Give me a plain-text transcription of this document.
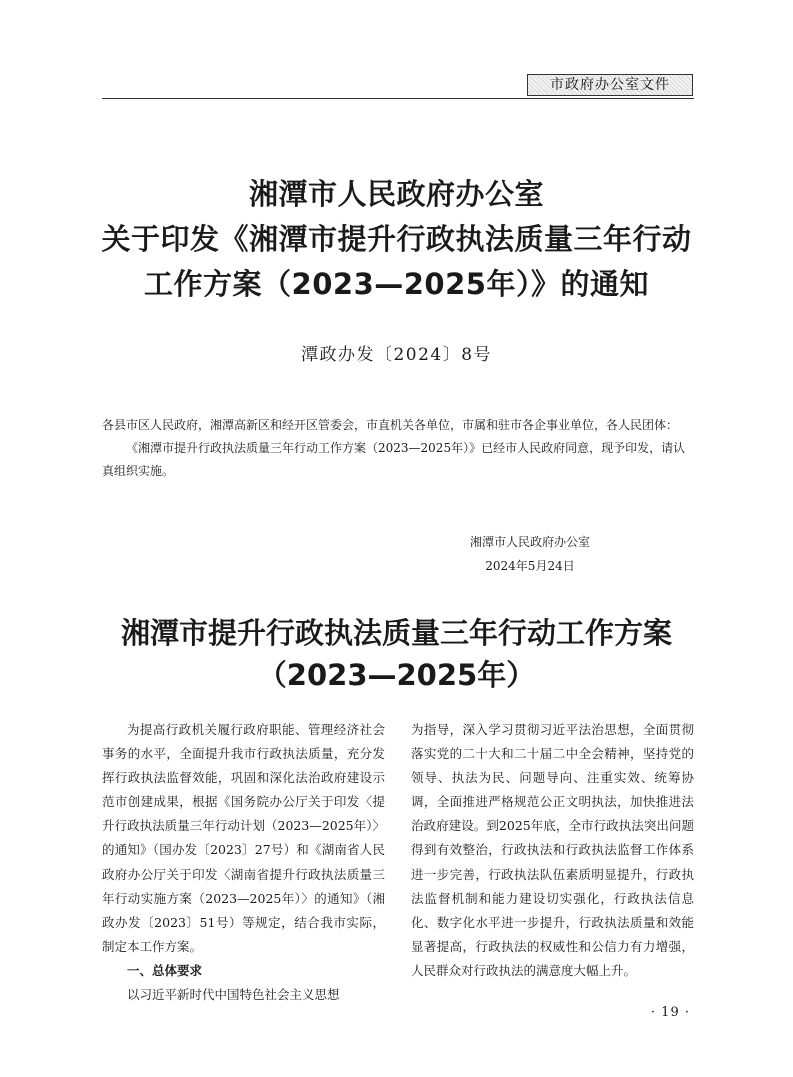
市政府办公室文件
湘潭市人民政府办公室
关于印发《湘潭市提升行政执法质量三年行动
工作方案（2023—2025年）》的通知
潭政办发〔2024〕8号

各县市区人民政府，湘潭高新区和经开区管委会，市直机关各单位，市属和驻市各企事业单位，各人民团体：

《湘潭市提升行政执法质量三年行动工作方案（2023—2025年）》已经市人民政府同意，现予印发，请认真组织实施。

湘潭市人民政府办公室
2024年5月24日
湘潭市提升行政执法质量三年行动工作方案
（2023—2025年）

为提高行政机关履行政府职能、管理经济社会事务的水平，全面提升我市行政执法质量，充分发挥行政执法监督效能，巩固和深化法治政府建设示范市创建成果，根据《国务院办公厅关于印发〈提升行政执法质量三年行动计划（2023—2025年）〉的通知》（国办发〔2023〕27号）和《湖南省人民政府办公厅关于印发〈湖南省提升行政执法质量三年行动实施方案（2023—2025年）〉的通知》（湘政办发〔2023〕51号）等规定，结合我市实际，制定本工作方案。

一、总体要求

以习近平新时代中国特色社会主义思想

为指导，深入学习贯彻习近平法治思想，全面贯彻落实党的二十大和二十届二中全会精神，坚持党的领导、执法为民、问题导向、注重实效、统筹协调，全面推进严格规范公正文明执法，加快推进法治政府建设。到2025年底，全市行政执法突出问题得到有效整治，行政执法和行政执法监督工作体系进一步完善，行政执法队伍素质明显提升，行政执法监督机制和能力建设切实强化，行政执法信息化、数字化水平进一步提升，行政执法质量和效能显著提高，行政执法的权威性和公信力有力增强，人民群众对行政执法的满意度大幅上升。

· 19 ·
